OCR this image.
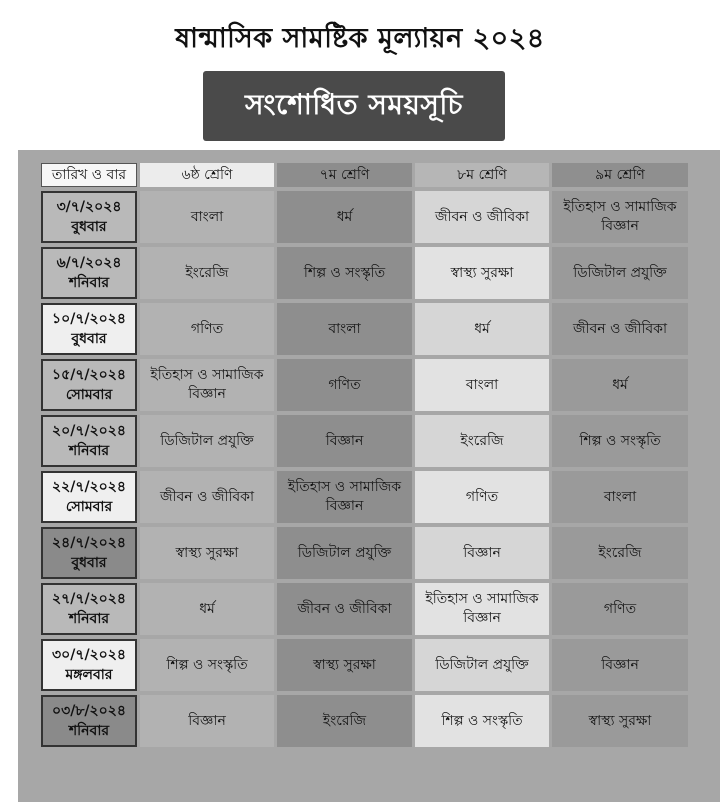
ষান্মাসিক সামষ্টিক মূল্যায়ন ২০২৪
সংশোধিত সময়সূচি
তারিখ ও বার	৬ষ্ঠ শ্রেণি	৭ম শ্রেণি	৮ম শ্রেণি	৯ম শ্রেণি

৩/৭/২০২৪
বুধবার	বাংলা	ধর্ম	জীবন ও জীবিকা	ইতিহাস ও সামাজিক বিজ্ঞান

৬/৭/২০২৪
শনিবার	ইংরেজি	শিল্প ও সংস্কৃতি	স্বাস্থ্য সুরক্ষা	ডিজিটাল প্রযুক্তি

১০/৭/২০২৪
বুধবার	গণিত	বাংলা	ধর্ম	জীবন ও জীবিকা

১৫/৭/২০২৪
সোমবার	ইতিহাস ও সামাজিক বিজ্ঞান	গণিত	বাংলা	ধর্ম

২০/৭/২০২৪
শনিবার	ডিজিটাল প্রযুক্তি	বিজ্ঞান	ইংরেজি	শিল্প ও সংস্কৃতি

২২/৭/২০২৪
সোমবার	জীবন ও জীবিকা	ইতিহাস ও সামাজিক বিজ্ঞান	গণিত	বাংলা

২৪/৭/২০২৪
বুধবার	স্বাস্থ্য সুরক্ষা	ডিজিটাল প্রযুক্তি	বিজ্ঞান	ইংরেজি

২৭/৭/২০২৪
শনিবার	ধর্ম	জীবন ও জীবিকা	ইতিহাস ও সামাজিক বিজ্ঞান	গণিত

৩০/৭/২০২৪
মঙ্গলবার	শিল্প ও সংস্কৃতি	স্বাস্থ্য সুরক্ষা	ডিজিটাল প্রযুক্তি	বিজ্ঞান

০৩/৮/২০২৪
শনিবার	বিজ্ঞান	ইংরেজি	শিল্প ও সংস্কৃতি	স্বাস্থ্য সুরক্ষা
